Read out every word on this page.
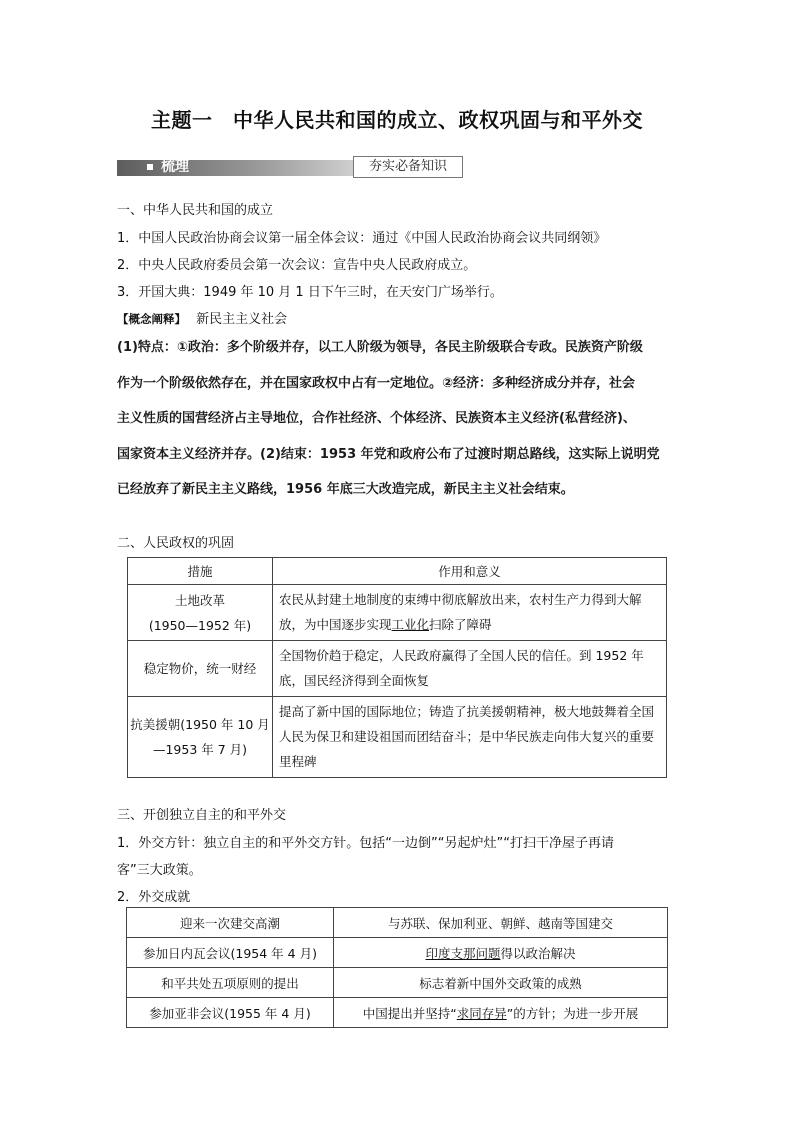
主题一　中华人民共和国的成立、政权巩固与和平外交
梳理	夯实必备知识
一、中华人民共和国的成立
1．中国人民政治协商会议第一届全体会议：通过《中国人民政治协商会议共同纲领》
2．中央人民政府委员会第一次会议：宣告中央人民政府成立。
3．开国大典：1949 年 10 月 1 日下午三时，在天安门广场举行。
【概念阐释】 新民主主义社会
(1)特点：①政治：多个阶级并存，以工人阶级为领导，各民主阶级联合专政。民族资产阶级
作为一个阶级依然存在，并在国家政权中占有一定地位。②经济：多种经济成分并存，社会
主义性质的国营经济占主导地位，合作社经济、个体经济、民族资本主义经济(私营经济)、
国家资本主义经济并存。(2)结束：1953 年党和政府公布了过渡时期总路线，这实际上说明党
已经放弃了新民主主义路线，1956 年底三大改造完成，新民主主义社会结束。
二、人民政权的巩固
措施	作用和意义

土地改革
(1950—1952 年)	农民从封建土地制度的束缚中彻底解放出来，农村生产力得到大解放，为中国逐步实现工业化扫除了障碍

稳定物价，统一财经	全国物价趋于稳定，人民政府赢得了全国人民的信任。到 1952 年底，国民经济得到全面恢复

抗美援朝(1950 年 10 月
—1953 年 7 月)	提高了新中国的国际地位；铸造了抗美援朝精神，极大地鼓舞着全国人民为保卫和建设祖国而团结奋斗；是中华民族走向伟大复兴的重要里程碑
三、开创独立自主的和平外交
1．外交方针：独立自主的和平外交方针。包括“一边倒”“另起炉灶”“打扫干净屋子再请
客”三大政策。
2．外交成就
迎来一次建交高潮	与苏联、保加利亚、朝鲜、越南等国建交
参加日内瓦会议(1954 年 4 月)	印度支那问题得以政治解决
和平共处五项原则的提出	标志着新中国外交政策的成熟
参加亚非会议(1955 年 4 月)	中国提出并坚持“求同存异”的方针；为进一步开展
